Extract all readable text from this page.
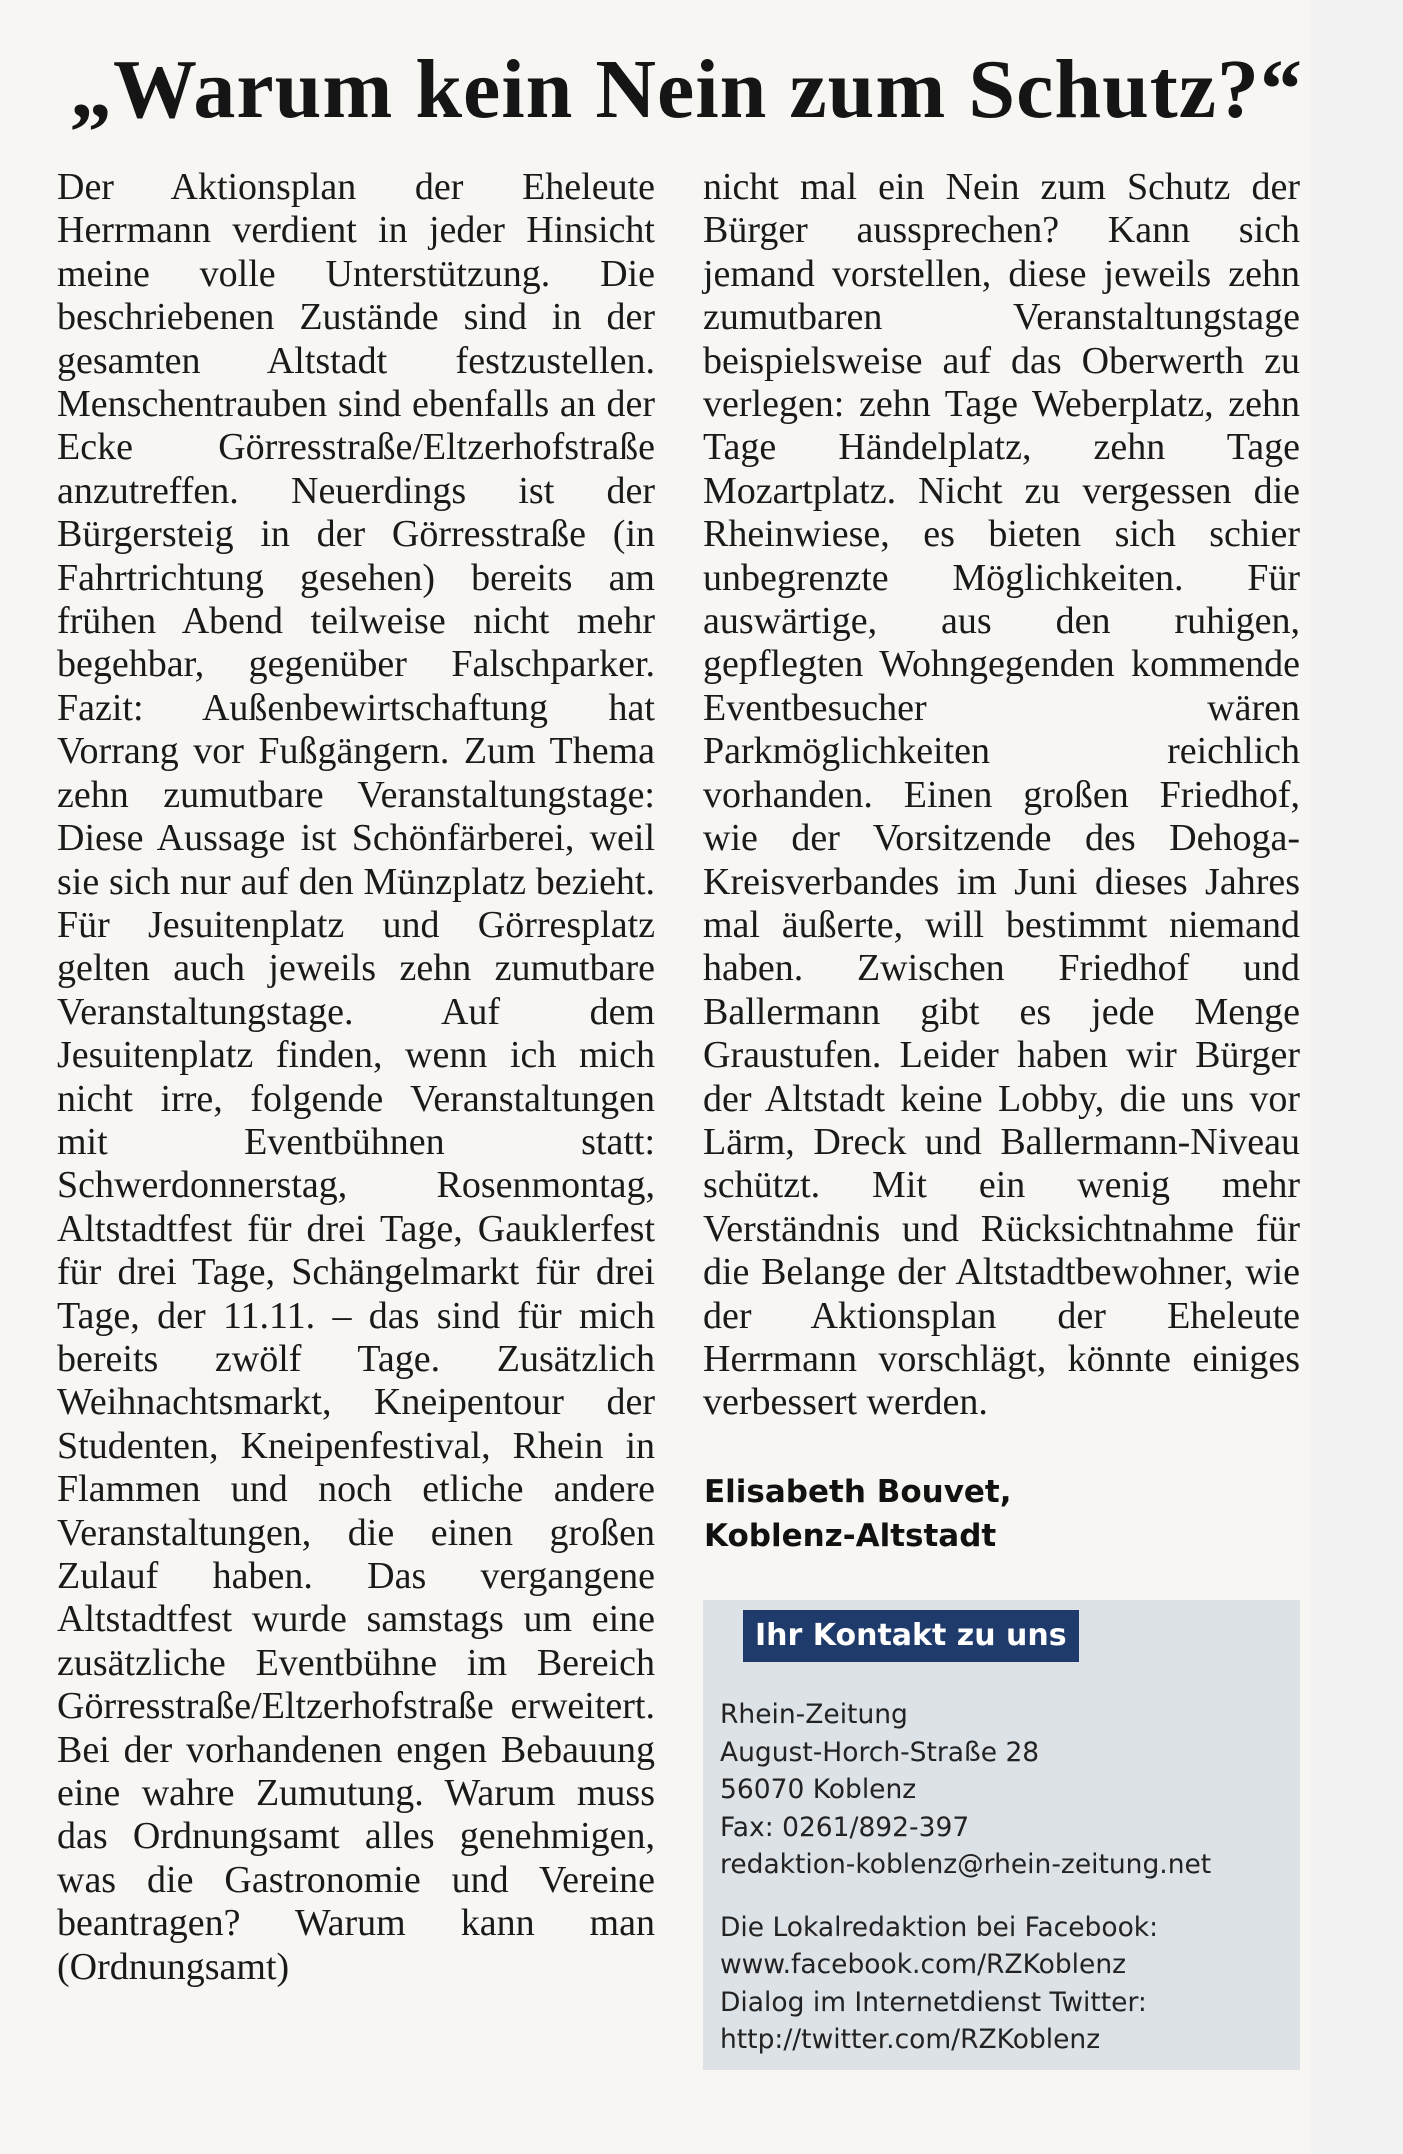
„Warum kein Nein zum Schutz?“

Der Aktionsplan der Eheleute Herrmann verdient in jeder Hinsicht meine volle Unterstützung. Die beschriebenen Zustände sind in der gesamten Altstadt festzustellen. Menschentrauben sind ebenfalls an der Ecke Görresstraße/Eltzerhofstraße anzutreffen. Neuerdings ist der Bürgersteig in der Görresstraße (in Fahrtrichtung gesehen) bereits am frühen Abend teilweise nicht mehr begehbar, gegenüber Falschparker. Fazit: Außenbewirtschaftung hat Vorrang vor Fußgängern. Zum Thema zehn zumutbare Veranstaltungstage: Diese Aussage ist Schönfärberei, weil sie sich nur auf den Münzplatz bezieht. Für Jesuitenplatz und Görresplatz gelten auch jeweils zehn zumutbare Veranstaltungstage. Auf dem Jesuitenplatz finden, wenn ich mich nicht irre, folgende Veranstaltungen mit Eventbühnen statt: Schwerdonnerstag, Rosenmontag, Altstadtfest für drei Tage, Gauklerfest für drei Tage, Schängelmarkt für drei Tage, der 11.11. – das sind für mich bereits zwölf Tage. Zusätzlich Weihnachtsmarkt, Kneipentour der Studenten, Kneipenfestival, Rhein in Flammen und noch etliche andere Veranstaltungen, die einen großen Zulauf haben. Das vergangene Altstadtfest wurde samstags um eine zusätzliche Eventbühne im Bereich Görresstraße/Eltzerhofstraße erweitert. Bei der vorhandenen engen Bebauung eine wahre Zumutung. Warum muss das Ordnungsamt alles genehmigen, was die Gastronomie und Vereine beantragen? Warum kann man (Ordnungsamt)

nicht mal ein Nein zum Schutz der Bürger aussprechen? Kann sich jemand vorstellen, diese jeweils zehn zumutbaren Veranstaltungstage beispielsweise auf das Oberwerth zu verlegen: zehn Tage Weberplatz, zehn Tage Händelplatz, zehn Tage Mozartplatz. Nicht zu vergessen die Rheinwiese, es bieten sich schier unbegrenzte Möglichkeiten. Für auswärtige, aus den ruhigen, gepflegten Wohngegenden kommende Eventbesucher wären Parkmöglichkeiten reichlich vorhanden. Einen großen Friedhof, wie der Vorsitzende des Dehoga-Kreisverbandes im Juni dieses Jahres mal äußerte, will bestimmt niemand haben. Zwischen Friedhof und Ballermann gibt es jede Menge Graustufen. Leider haben wir Bürger der Altstadt keine Lobby, die uns vor Lärm, Dreck und Ballermann-Niveau schützt. Mit ein wenig mehr Verständnis und Rücksichtnahme für die Belange der Altstadtbewohner, wie der Aktionsplan der Eheleute Herrmann vorschlägt, könnte einiges verbessert werden.

Elisabeth Bouvet,
Koblenz-Altstadt
Ihr Kontakt zu uns
Rhein-Zeitung
August-Horch-Straße 28
56070 Koblenz
Fax: 0261/892-397
redaktion-koblenz@rhein-zeitung.net
Die Lokalredaktion bei Facebook:
www.facebook.com/RZKoblenz
Dialog im Internetdienst Twitter:
http://twitter.com/RZKoblenz
